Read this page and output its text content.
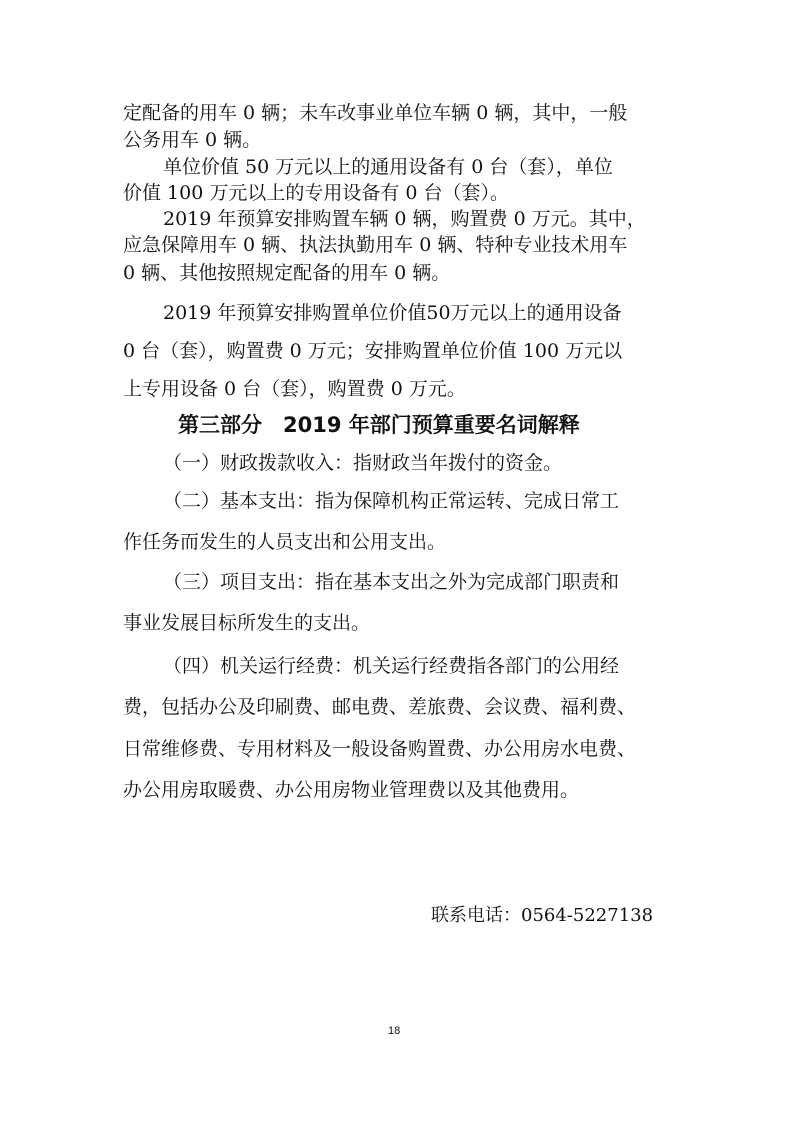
定配备的用车 0 辆；未车改事业单位车辆 0 辆，其中，一般
公务用车 0 辆。
单位价值 50 万元以上的通用设备有 0 台（套），单位
价值 100 万元以上的专用设备有 0 台（套）。
2019 年预算安排购置车辆 0 辆，购置费 0 万元。其中，
应急保障用车 0 辆、执法执勤用车 0 辆、特种专业技术用车
0 辆、其他按照规定配备的用车 0 辆。
2019 年预算安排购置单位价值50万元以上的通用设备
0 台（套），购置费 0 万元；安排购置单位价值 100 万元以
上专用设备 0 台（套），购置费 0 万元。
第三部分　2019 年部门预算重要名词解释
（一）财政拨款收入：指财政当年拨付的资金。
（二）基本支出：指为保障机构正常运转、完成日常工
作任务而发生的人员支出和公用支出。
（三）项目支出：指在基本支出之外为完成部门职责和
事业发展目标所发生的支出。
（四）机关运行经费：机关运行经费指各部门的公用经
费，包括办公及印刷费、邮电费、差旅费、会议费、福利费、
日常维修费、专用材料及一般设备购置费、办公用房水电费、
办公用房取暖费、办公用房物业管理费以及其他费用。
联系电话：0564-5227138
18
